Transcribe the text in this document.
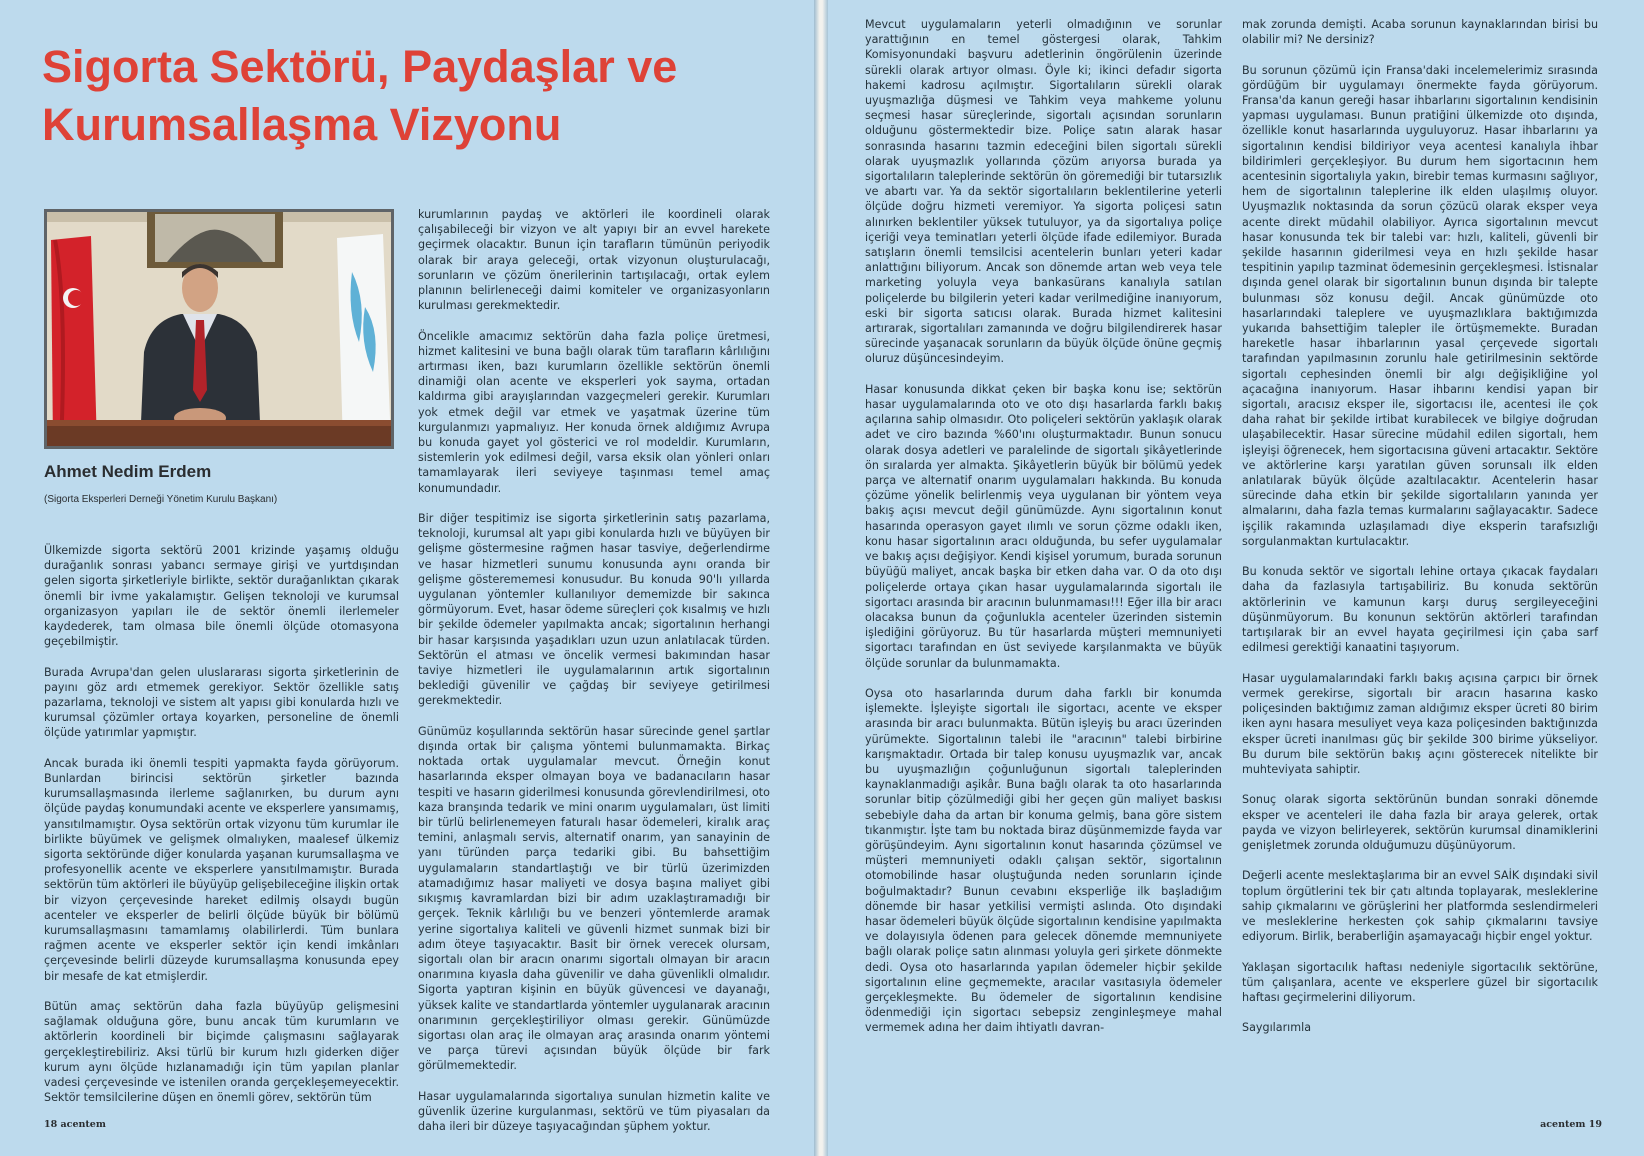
Sigorta Sektörü, Paydaşlar ve
Kurumsallaşma Vizyonu
Ahmet Nedim Erdem
(Sigorta Eksperleri Derneği Yönetim Kurulu Başkanı)

Ülkemizde sigorta sektörü 2001 krizinde yaşamış olduğu durağanlık sonrası yabancı sermaye girişi ve yurtdışından gelen sigorta şirketleriyle birlikte, sektör durağanlıktan çıkarak önemli bir ivme yakalamıştır. Gelişen teknoloji ve kurumsal organizasyon yapıları ile de sektör önemli ilerlemeler kaydederek, tam olmasa bile önemli ölçüde otomasyona geçebilmiştir.

Burada Avrupa'dan gelen uluslararası sigorta şirketlerinin de payını göz ardı etmemek gerekiyor. Sektör özellikle satış pazarlama, teknoloji ve sistem alt yapısı gibi konularda hızlı ve kurumsal çözümler ortaya koyarken, personeline de önemli ölçüde yatırımlar yapmıştır.

Ancak burada iki önemli tespiti yapmakta fayda görüyorum. Bunlardan birincisi sektörün şirketler bazında kurumsallaşmasında ilerleme sağlanırken, bu durum aynı ölçüde paydaş konumundaki acente ve eksperlere yansımamış, yansıtılmamıştır. Oysa sektörün ortak vizyonu tüm kurumlar ile birlikte büyümek ve gelişmek olmalıyken, maalesef ülkemiz sigorta sektöründe diğer konularda yaşanan kurumsallaşma ve profesyonellik acente ve eksperlere yansıtılmamıştır. Burada sektörün tüm aktörleri ile büyüyüp gelişebileceğine ilişkin ortak bir vizyon çerçevesinde hareket edilmiş olsaydı bugün acenteler ve eksperler de belirli ölçüde büyük bir bölümü kurumsallaşmasını tamamlamış olabilirlerdi. Tüm bunlara rağmen acente ve eksperler sektör için kendi imkânları çerçevesinde belirli düzeyde kurumsallaşma konusunda epey bir mesafe de kat etmişlerdir.

Bütün amaç sektörün daha fazla büyüyüp gelişmesini sağlamak olduğuna göre, bunu ancak tüm kurumların ve aktörlerin koordineli bir biçimde çalışmasını sağlayarak gerçekleştirebiliriz. Aksi türlü bir kurum hızlı giderken diğer kurum aynı ölçüde hızlanamadığı için tüm yapılan planlar vadesi çerçevesinde ve istenilen oranda gerçekleşemeyecektir. Sektör temsilcilerine düşen en önemli görev, sektörün tüm

kurumlarının paydaş ve aktörleri ile koordineli olarak çalışabileceği bir vizyon ve alt yapıyı bir an evvel harekete geçirmek olacaktır. Bunun için tarafların tümünün periyodik olarak bir araya geleceği, ortak vizyonun oluşturulacağı, sorunların ve çözüm önerilerinin tartışılacağı, ortak eylem planının belirleneceği daimi komiteler ve organizasyonların kurulması gerekmektedir.

Öncelikle amacımız sektörün daha fazla poliçe üretmesi, hizmet kalitesini ve buna bağlı olarak tüm tarafların kârlılığını artırması iken, bazı kurumların özellikle sektörün önemli dinamiği olan acente ve eksperleri yok sayma, ortadan kaldırma gibi arayışlarından vazgeçmeleri gerekir. Kurumları yok etmek değil var etmek ve yaşatmak üzerine tüm kurgulanmızı yapmalıyız. Her konuda örnek aldığımız Avrupa bu konuda gayet yol gösterici ve rol modeldir. Kurumların, sistemlerin yok edilmesi değil, varsa eksik olan yönleri onları tamamlayarak ileri seviyeye taşınması temel amaç konumundadır.

Bir diğer tespitimiz ise sigorta şirketlerinin satış pazarlama, teknoloji, kurumsal alt yapı gibi konularda hızlı ve büyüyen bir gelişme göstermesine rağmen hasar tasviye, değerlendirme ve hasar hizmetleri sunumu konusunda aynı oranda bir gelişme gösterememesi konusudur. Bu konuda 90'lı yıllarda uygulanan yöntemler kullanılıyor dememizde bir sakınca görmüyorum. Evet, hasar ödeme süreçleri çok kısalmış ve hızlı bir şekilde ödemeler yapılmakta ancak; sigortalının herhangi bir hasar karşısında yaşadıkları uzun uzun anlatılacak türden. Sektörün el atması ve öncelik vermesi bakımından hasar taviye hizmetleri ile uygulamalarının artık sigortalının beklediği güvenilir ve çağdaş bir seviyeye getirilmesi gerekmektedir.

Günümüz koşullarında sektörün hasar sürecinde genel şartlar dışında ortak bir çalışma yöntemi bulunmamakta. Birkaç noktada ortak uygulamalar mevcut. Örneğin konut hasarlarında eksper olmayan boya ve badanacıların hasar tespiti ve hasarın giderilmesi konusunda görevlendirilmesi, oto kaza branşında tedarik ve mini onarım uygulamaları, üst limiti bir türlü belirlenemeyen faturalı hasar ödemeleri, kiralık araç temini, anlaşmalı servis, alternatif onarım, yan sanayinin de yanı türünden parça tedariki gibi. Bu bahsettiğim uygulamaların standartlaştığı ve bir türlü üzerimizden atamadığımız hasar maliyeti ve dosya başına maliyet gibi sıkışmış kavramlardan bizi bir adım uzaklaştıramadığı bir gerçek. Teknik kârlılığı bu ve benzeri yöntemlerde aramak yerine sigortalıya kaliteli ve güvenli hizmet sunmak bizi bir adım öteye taşıyacaktır. Basit bir örnek verecek olursam, sigortalı olan bir aracın onarımı sigortalı olmayan bir aracın onarımına kıyasla daha güvenilir ve daha güvenlikli olmalıdır. Sigorta yaptıran kişinin en büyük güvencesi ve dayanağı, yüksek kalite ve standartlarda yöntemler uygulanarak aracının onarımının gerçekleştiriliyor olması gerekir. Günümüzde sigortası olan araç ile olmayan araç arasında onarım yöntemi ve parça türevi açısından büyük ölçüde bir fark görülmemektedir.

Hasar uygulamalarında sigortalıya sunulan hizmetin kalite ve güvenlik üzerine kurgulanması, sektörü ve tüm piyasaları da daha ileri bir düzeye taşıyacağından şüphem yoktur.

18 acentem

Mevcut uygulamaların yeterli olmadığının ve sorunlar yarattığının en temel göstergesi olarak, Tahkim Komisyonundaki başvuru adetlerinin öngörülenin üzerinde sürekli olarak artıyor olması. Öyle ki; ikinci defadır sigorta hakemi kadrosu açılmıştır. Sigortalıların sürekli olarak uyuşmazlığa düşmesi ve Tahkim veya mahkeme yolunu seçmesi hasar süreçlerinde, sigortalı açısından sorunların olduğunu göstermektedir bize. Poliçe satın alarak hasar sonrasında hasarını tazmin edeceğini bilen sigortalı sürekli olarak uyuşmazlık yollarında çözüm arıyorsa burada ya sigortalıların taleplerinde sektörün ön göremediği bir tutarsızlık ve abartı var. Ya da sektör sigortalıların beklentilerine yeterli ölçüde doğru hizmeti veremiyor. Ya sigorta poliçesi satın alınırken beklentiler yüksek tutuluyor, ya da sigortalıya poliçe içeriği veya teminatları yeterli ölçüde ifade edilemiyor. Burada satışların önemli temsilcisi acentelerin bunları yeteri kadar anlattığını biliyorum. Ancak son dönemde artan web veya tele marketing yoluyla veya bankasürans kanalıyla satılan poliçelerde bu bilgilerin yeteri kadar verilmediğine inanıyorum, eski bir sigorta satıcısı olarak. Burada hizmet kalitesini artırarak, sigortalıları zamanında ve doğru bilgilendirerek hasar sürecinde yaşanacak sorunların da büyük ölçüde önüne geçmiş oluruz düşüncesindeyim.

Hasar konusunda dikkat çeken bir başka konu ise; sektörün hasar uygulamalarında oto ve oto dışı hasarlarda farklı bakış açılarına sahip olmasıdır. Oto poliçeleri sektörün yaklaşık olarak adet ve ciro bazında %60'ını oluşturmaktadır. Bunun sonucu olarak dosya adetleri ve paralelinde de sigortalı şikâyetlerinde ön sıralarda yer almakta. Şikâyetlerin büyük bir bölümü yedek parça ve alternatif onarım uygulamaları hakkında. Bu konuda çözüme yönelik belirlenmiş veya uygulanan bir yöntem veya bakış açısı mevcut değil günümüzde. Aynı sigortalının konut hasarında operasyon gayet ılımlı ve sorun çözme odaklı iken, konu hasar sigortalının aracı olduğunda, bu sefer uygulamalar ve bakış açısı değişiyor. Kendi kişisel yorumum, burada sorunun büyüğü maliyet, ancak başka bir etken daha var. O da oto dışı poliçelerde ortaya çıkan hasar uygulamalarında sigortalı ile sigortacı arasında bir aracının bulunmaması!!! Eğer illa bir aracı olacaksa bunun da çoğunlukla acenteler üzerinden sistemin işlediğini görüyoruz. Bu tür hasarlarda müşteri memnuniyeti sigortacı tarafından en üst seviyede karşılanmakta ve büyük ölçüde sorunlar da bulunmamakta.

Oysa oto hasarlarında durum daha farklı bir konumda işlemekte. İşleyişte sigortalı ile sigortacı, acente ve eksper arasında bir aracı bulunmakta. Bütün işleyiş bu aracı üzerinden yürümekte. Sigortalının talebi ile "aracının" talebi birbirine karışmaktadır. Ortada bir talep konusu uyuşmazlık var, ancak bu uyuşmazlığın çoğunluğunun sigortalı taleplerinden kaynaklanmadığı aşikâr. Buna bağlı olarak ta oto hasarlarında sorunlar bitip çözülmediği gibi her geçen gün maliyet baskısı sebebiyle daha da artan bir konuma gelmiş, bana göre sistem tıkanmıştır. İşte tam bu noktada biraz düşünmemizde fayda var görüşündeyim. Aynı sigortalının konut hasarında çözümsel ve müşteri memnuniyeti odaklı çalışan sektör, sigortalının otomobilinde hasar oluştuğunda neden sorunların içinde boğulmaktadır? Bunun cevabını eksperliğe ilk başladığım dönemde bir hasar yetkilisi vermişti aslında. Oto dışındaki hasar ödemeleri büyük ölçüde sigortalının kendisine yapılmakta ve dolayısıyla ödenen para gelecek dönemde memnuniyete bağlı olarak poliçe satın alınması yoluyla geri şirkete dönmekte dedi. Oysa oto hasarlarında yapılan ödemeler hiçbir şekilde sigortalının eline geçmemekte, aracılar vasıtasıyla ödemeler gerçekleşmekte. Bu ödemeler de sigortalının kendisine ödenmediği için sigortacı sebepsiz zenginleşmeye mahal vermemek adına her daim ihtiyatlı davran-

mak zorunda demişti. Acaba sorunun kaynaklarından birisi bu olabilir mi? Ne dersiniz?

Bu sorunun çözümü için Fransa'daki incelemelerimiz sırasında gördüğüm bir uygulamayı önermekte fayda görüyorum. Fransa'da kanun gereği hasar ihbarlarını sigortalının kendisinin yapması uygulaması. Bunun pratiğini ülkemizde oto dışında, özellikle konut hasarlarında uyguluyoruz. Hasar ihbarlarını ya sigortalının kendisi bildiriyor veya acentesi kanalıyla ihbar bildirimleri gerçekleşiyor. Bu durum hem sigortacının hem acentesinin sigortalıyla yakın, birebir temas kurmasını sağlıyor, hem de sigortalının taleplerine ilk elden ulaşılmış oluyor. Uyuşmazlık noktasında da sorun çözücü olarak eksper veya acente direkt müdahil olabiliyor. Ayrıca sigortalının mevcut hasar konusunda tek bir talebi var: hızlı, kaliteli, güvenli bir şekilde hasarının giderilmesi veya en hızlı şekilde hasar tespitinin yapılıp tazminat ödemesinin gerçekleşmesi. İstisnalar dışında genel olarak bir sigortalının bunun dışında bir talepte bulunması söz konusu değil. Ancak günümüzde oto hasarlarındaki taleplere ve uyuşmazlıklara baktığımızda yukarıda bahsettiğim talepler ile örtüşmemekte. Buradan hareketle hasar ihbarlarının yasal çerçevede sigortalı tarafından yapılmasının zorunlu hale getirilmesinin sektörde sigortalı cephesinden önemli bir algı değişikliğine yol açacağına inanıyorum. Hasar ihbarını kendisi yapan bir sigortalı, aracısız eksper ile, sigortacısı ile, acentesi ile çok daha rahat bir şekilde irtibat kurabilecek ve bilgiye doğrudan ulaşabilecektir. Hasar sürecine müdahil edilen sigortalı, hem işleyişi öğrenecek, hem sigortacısına güveni artacaktır. Sektöre ve aktörlerine karşı yaratılan güven sorunsalı ilk elden anlatılarak büyük ölçüde azaltılacaktır. Acentelerin hasar sürecinde daha etkin bir şekilde sigortalıların yanında yer almalarını, daha fazla temas kurmalarını sağlayacaktır. Sadece işçilik rakamında uzlaşılamadı diye eksperin tarafsızlığı sorgulanmaktan kurtulacaktır.

Bu konuda sektör ve sigortalı lehine ortaya çıkacak faydaları daha da fazlasıyla tartışabiliriz. Bu konuda sektörün aktörlerinin ve kamunun karşı duruş sergileyeceğini düşünmüyorum. Bu konunun sektörün aktörleri tarafından tartışılarak bir an evvel hayata geçirilmesi için çaba sarf edilmesi gerektiği kanaatini taşıyorum.

Hasar uygulamalarındaki farklı bakış açısına çarpıcı bir örnek vermek gerekirse, sigortalı bir aracın hasarına kasko poliçesinden baktığımız zaman aldığımız eksper ücreti 80 birim iken aynı hasara mesuliyet veya kaza poliçesinden baktığınızda eksper ücreti inanılması güç bir şekilde 300 birime yükseliyor. Bu durum bile sektörün bakış açını gösterecek nitelikte bir muhteviyata sahiptir.

Sonuç olarak sigorta sektörünün bundan sonraki dönemde eksper ve acenteleri ile daha fazla bir araya gelerek, ortak payda ve vizyon belirleyerek, sektörün kurumsal dinamiklerini genişletmek zorunda olduğumuzu düşünüyorum.

Değerli acente meslektaşlarıma bir an evvel SAİK dışındaki sivil toplum örgütlerini tek bir çatı altında toplayarak, mesleklerine sahip çıkmalarını ve görüşlerini her platformda seslendirmeleri ve mesleklerine herkesten çok sahip çıkmalarını tavsiye ediyorum. Birlik, beraberliğin aşamayacağı hiçbir engel yoktur.

Yaklaşan sigortacılık haftası nedeniyle sigortacılık sektörüne, tüm çalışanlara, acente ve eksperlere güzel bir sigortacılık haftası geçirmelerini diliyorum.

Saygılarımla

acentem 19
